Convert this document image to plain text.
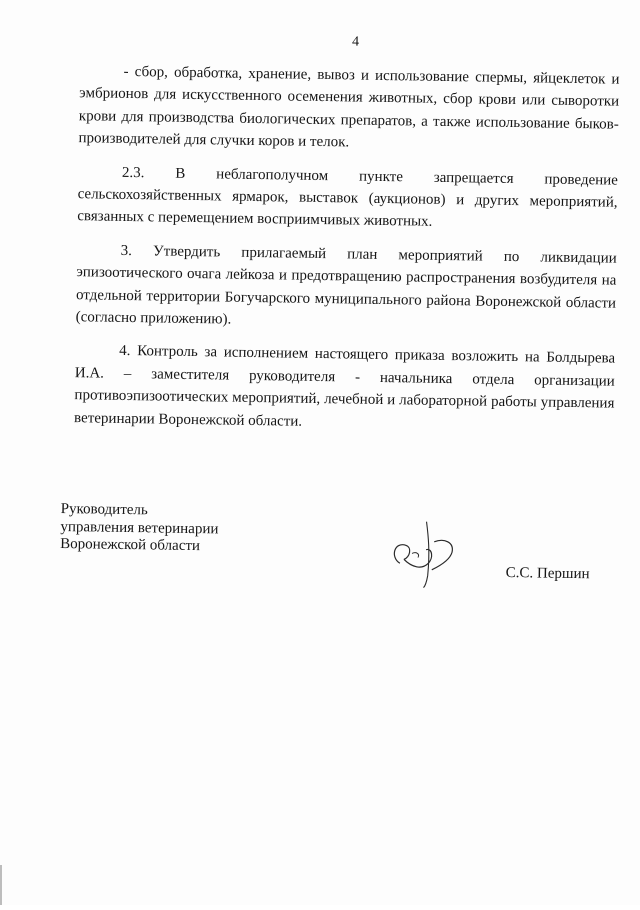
4

- сбор, обработка, хранение, вывоз и использование спермы, яйцеклеток и эмбрионов для искусственного осеменения животных, сбор крови или сыворотки крови для производства биологических препаратов, а также использование быков-производителей для случки коров и телок.

2.3. В неблагополучном пункте запрещается проведение сельскохозяйственных ярмарок, выставок (аукционов) и других мероприятий, связанных с перемещением восприимчивых животных.

3. Утвердить прилагаемый план мероприятий по ликвидации эпизоотического очага лейкоза и предотвращению распространения возбудителя на отдельной территории Богучарского муниципального района Воронежской области (согласно приложению).

4. Контроль за исполнением настоящего приказа возложить на Болдырева И.А. – заместителя руководителя - начальника отдела организации противоэпизоотических мероприятий, лечебной и лабораторной работы управления ветеринарии Воронежской области.

Руководитель
управления ветеринарии
Воронежской области
С.С. Першин
